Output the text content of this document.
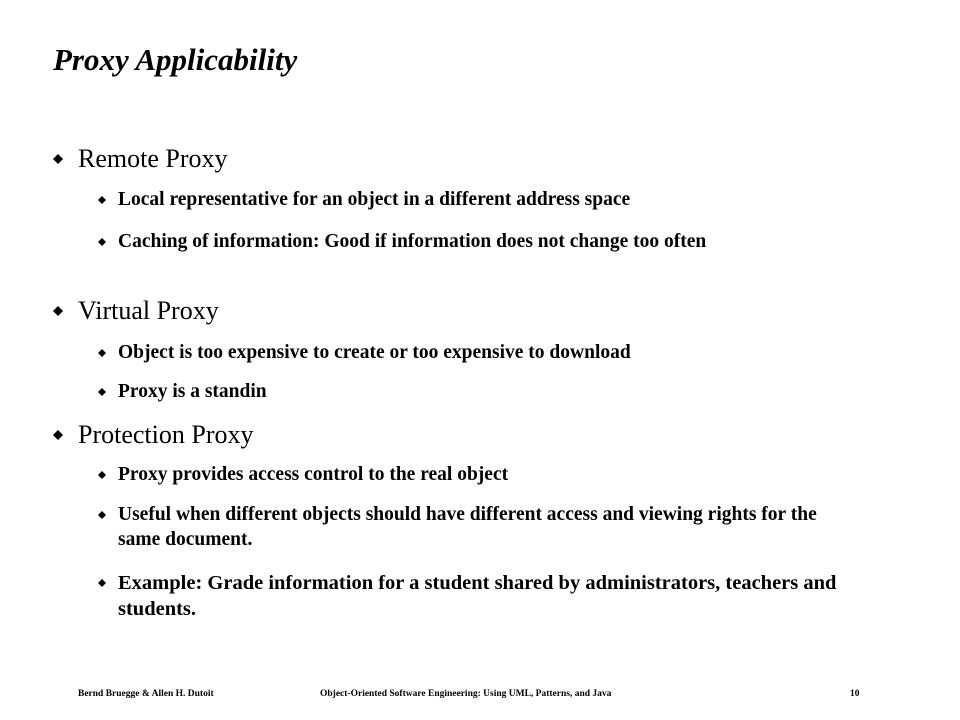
Proxy Applicability
Remote Proxy
Local representative for an object in a different address space
Caching of information: Good if information does not change too often
Virtual Proxy
Object is too expensive to create or too expensive to download
Proxy is a standin
Protection Proxy
Proxy provides access control to the real object
Useful when different objects should have different access and viewing rights for the same document.
Example: Grade information for a student shared by administrators, teachers and students.
Bernd Bruegge & Allen H. Dutoit	Object-Oriented Software Engineering: Using UML, Patterns, and Java	10
